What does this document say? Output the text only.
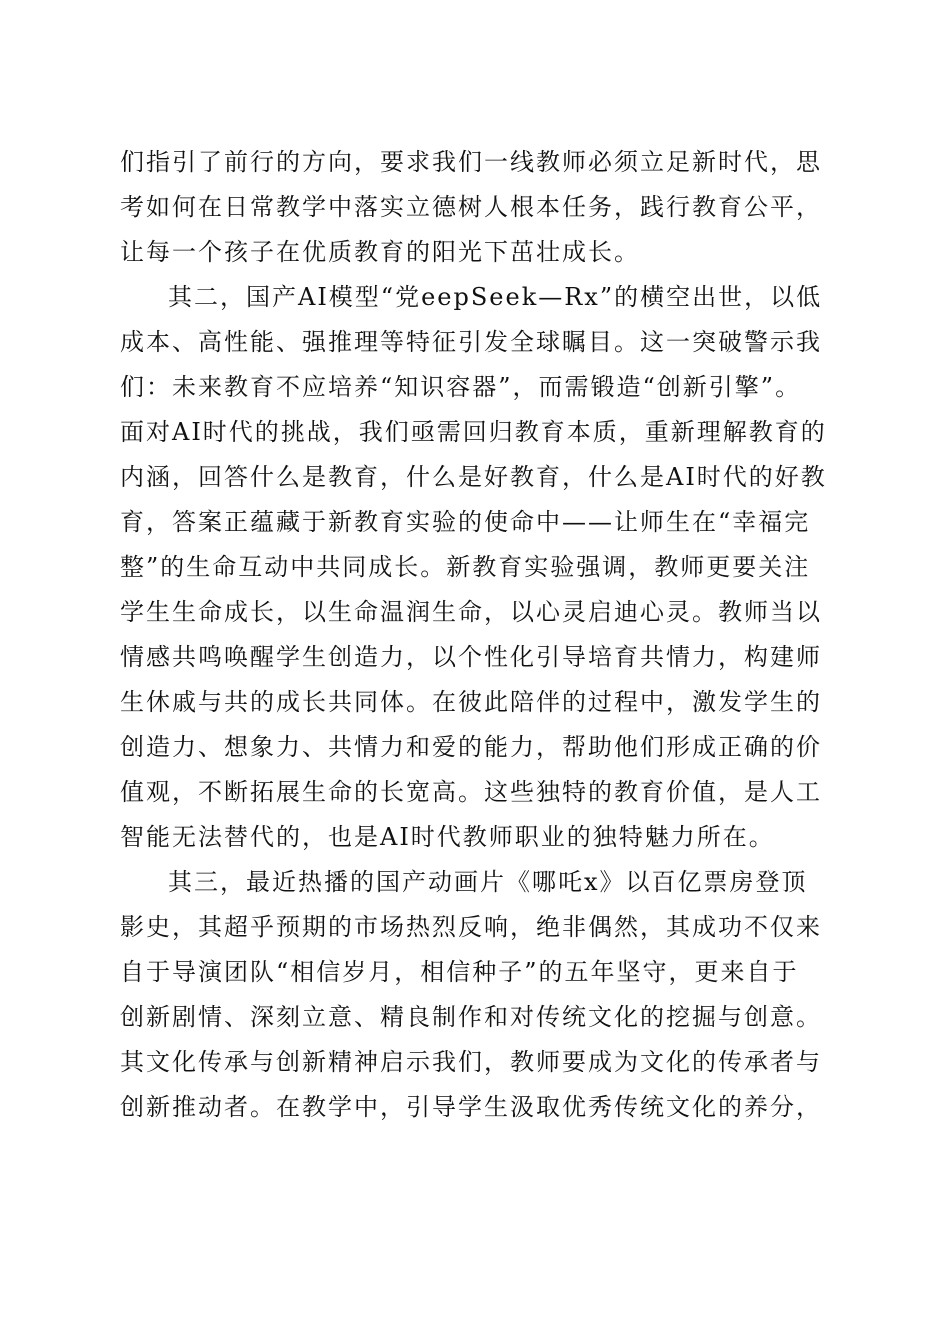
们指引了前行的方向，要求我们一线教师必须立足新时代，思
考如何在日常教学中落实立德树人根本任务，践行教育公平，
让每一个孩子在优质教育的阳光下茁壮成长。
其二，国产AI模型“党eepSeek—Rx”的横空出世，以低
成本、高性能、强推理等特征引发全球瞩目。这一突破警示我
们：未来教育不应培养“知识容器”，而需锻造“创新引擎”。
面对AI时代的挑战，我们亟需回归教育本质，重新理解教育的
内涵，回答什么是教育，什么是好教育，什么是AI时代的好教
育，答案正蕴藏于新教育实验的使命中——让师生在“幸福完
整”的生命互动中共同成长。新教育实验强调，教师更要关注
学生生命成长，以生命温润生命，以心灵启迪心灵。教师当以
情感共鸣唤醒学生创造力，以个性化引导培育共情力，构建师
生休戚与共的成长共同体。在彼此陪伴的过程中，激发学生的
创造力、想象力、共情力和爱的能力，帮助他们形成正确的价
值观，不断拓展生命的长宽高。这些独特的教育价值，是人工
智能无法替代的，也是AI时代教师职业的独特魅力所在。
其三，最近热播的国产动画片《哪吒x》以百亿票房登顶
影史，其超乎预期的市场热烈反响，绝非偶然，其成功不仅来
自于导演团队“相信岁月，相信种子”的五年坚守，更来自于
创新剧情、深刻立意、精良制作和对传统文化的挖掘与创意。
其文化传承与创新精神启示我们，教师要成为文化的传承者与
创新推动者。在教学中，引导学生汲取优秀传统文化的养分，
